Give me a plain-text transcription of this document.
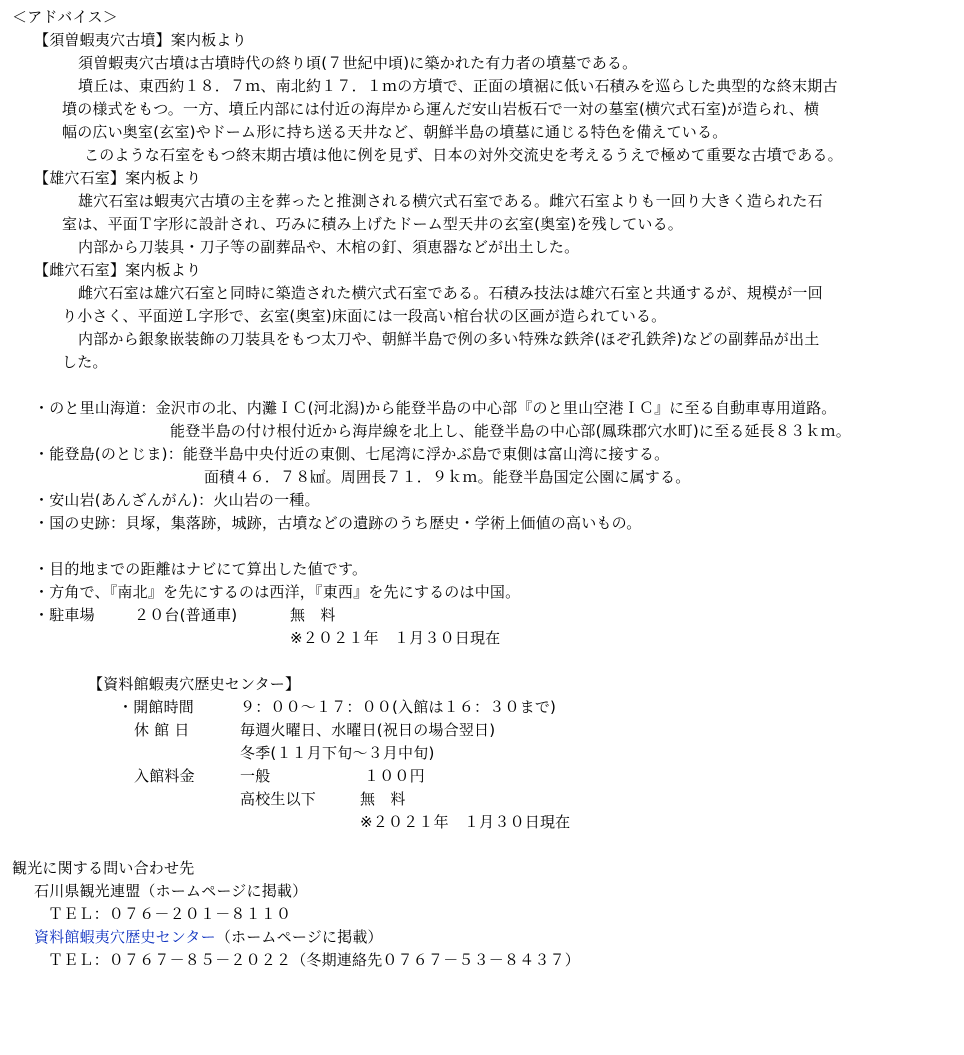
＜アドバイス＞
【須曽蝦夷穴古墳】案内板より
須曽蝦夷穴古墳は古墳時代の終り頃(７世紀中頃)に築かれた有力者の墳墓である。
墳丘は、東西約１８．７ｍ、南北約１７．１ｍの方墳で、正面の墳裾に低い石積みを巡らした典型的な終末期古
墳の様式をもつ。一方、墳丘内部には付近の海岸から運んだ安山岩板石で一対の墓室(横穴式石室)が造られ、横
幅の広い奥室(玄室)やドーム形に持ち送る天井など、朝鮮半島の墳墓に通じる特色を備えている。
このような石室をもつ終末期古墳は他に例を見ず、日本の対外交流史を考えるうえで極めて重要な古墳である。
【雄穴石室】案内板より
雄穴石室は蝦夷穴古墳の主を葬ったと推測される横穴式石室である。雌穴石室よりも一回り大きく造られた石
室は、平面Ｔ字形に設計され、巧みに積み上げたドーム型天井の玄室(奥室)を残している。
内部から刀装具・刀子等の副葬品や、木棺の釘、須恵器などが出土した。
【雌穴石室】案内板より
雌穴石室は雄穴石室と同時に築造された横穴式石室である。石積み技法は雄穴石室と共通するが、規模が一回
り小さく、平面逆Ｌ字形で、玄室(奥室)床面には一段高い棺台状の区画が造られている。
内部から銀象嵌装飾の刀装具をもつ太刀や、朝鮮半島で例の多い特殊な鉄斧(ほぞ孔鉄斧)などの副葬品が出土
した。
・のと里山海道：金沢市の北、内灘ＩＣ(河北潟)から能登半島の中心部『のと里山空港ＩＣ』に至る自動車専用道路。
能登半島の付け根付近から海岸線を北上し、能登半島の中心部(鳳珠郡穴水町)に至る延長８３ｋｍ。
・能登島(のとじま)：能登半島中央付近の東側、七尾湾に浮かぶ島で東側は富山湾に接する。
面積４６．７８㎢。周囲長７１．９ｋｍ。能登半島国定公園に属する。
・安山岩(あんざんがん)：火山岩の一種。
・国の史跡：貝塚，集落跡，城跡，古墳などの遺跡のうち歴史・学術上価値の高いもの。
・目的地までの距離はナビにて算出した値です。
・方角で、『南北』を先にするのは西洋，『東西』を先にするのは中国。
・駐車場	２０台(普通車)	無　料
※２０２１年　１月３０日現在
【資料館蝦夷穴歴史センター】
・開館時間	９：００～１７：００(入館は１６：３０まで)
休 館 日	毎週火曜日、水曜日(祝日の場合翌日)
冬季(１１月下旬～３月中旬)
入館料金	一般	１００円
高校生以下	無　料
※２０２１年　１月３０日現在
観光に関する問い合わせ先
石川県観光連盟（ホームページに掲載）
ＴＥＬ：０７６－２０１－８１１０
資料館蝦夷穴歴史センター（ホームページに掲載）
ＴＥＬ：０７６７－８５－２０２２（冬期連絡先０７６７－５３－８４３７）
